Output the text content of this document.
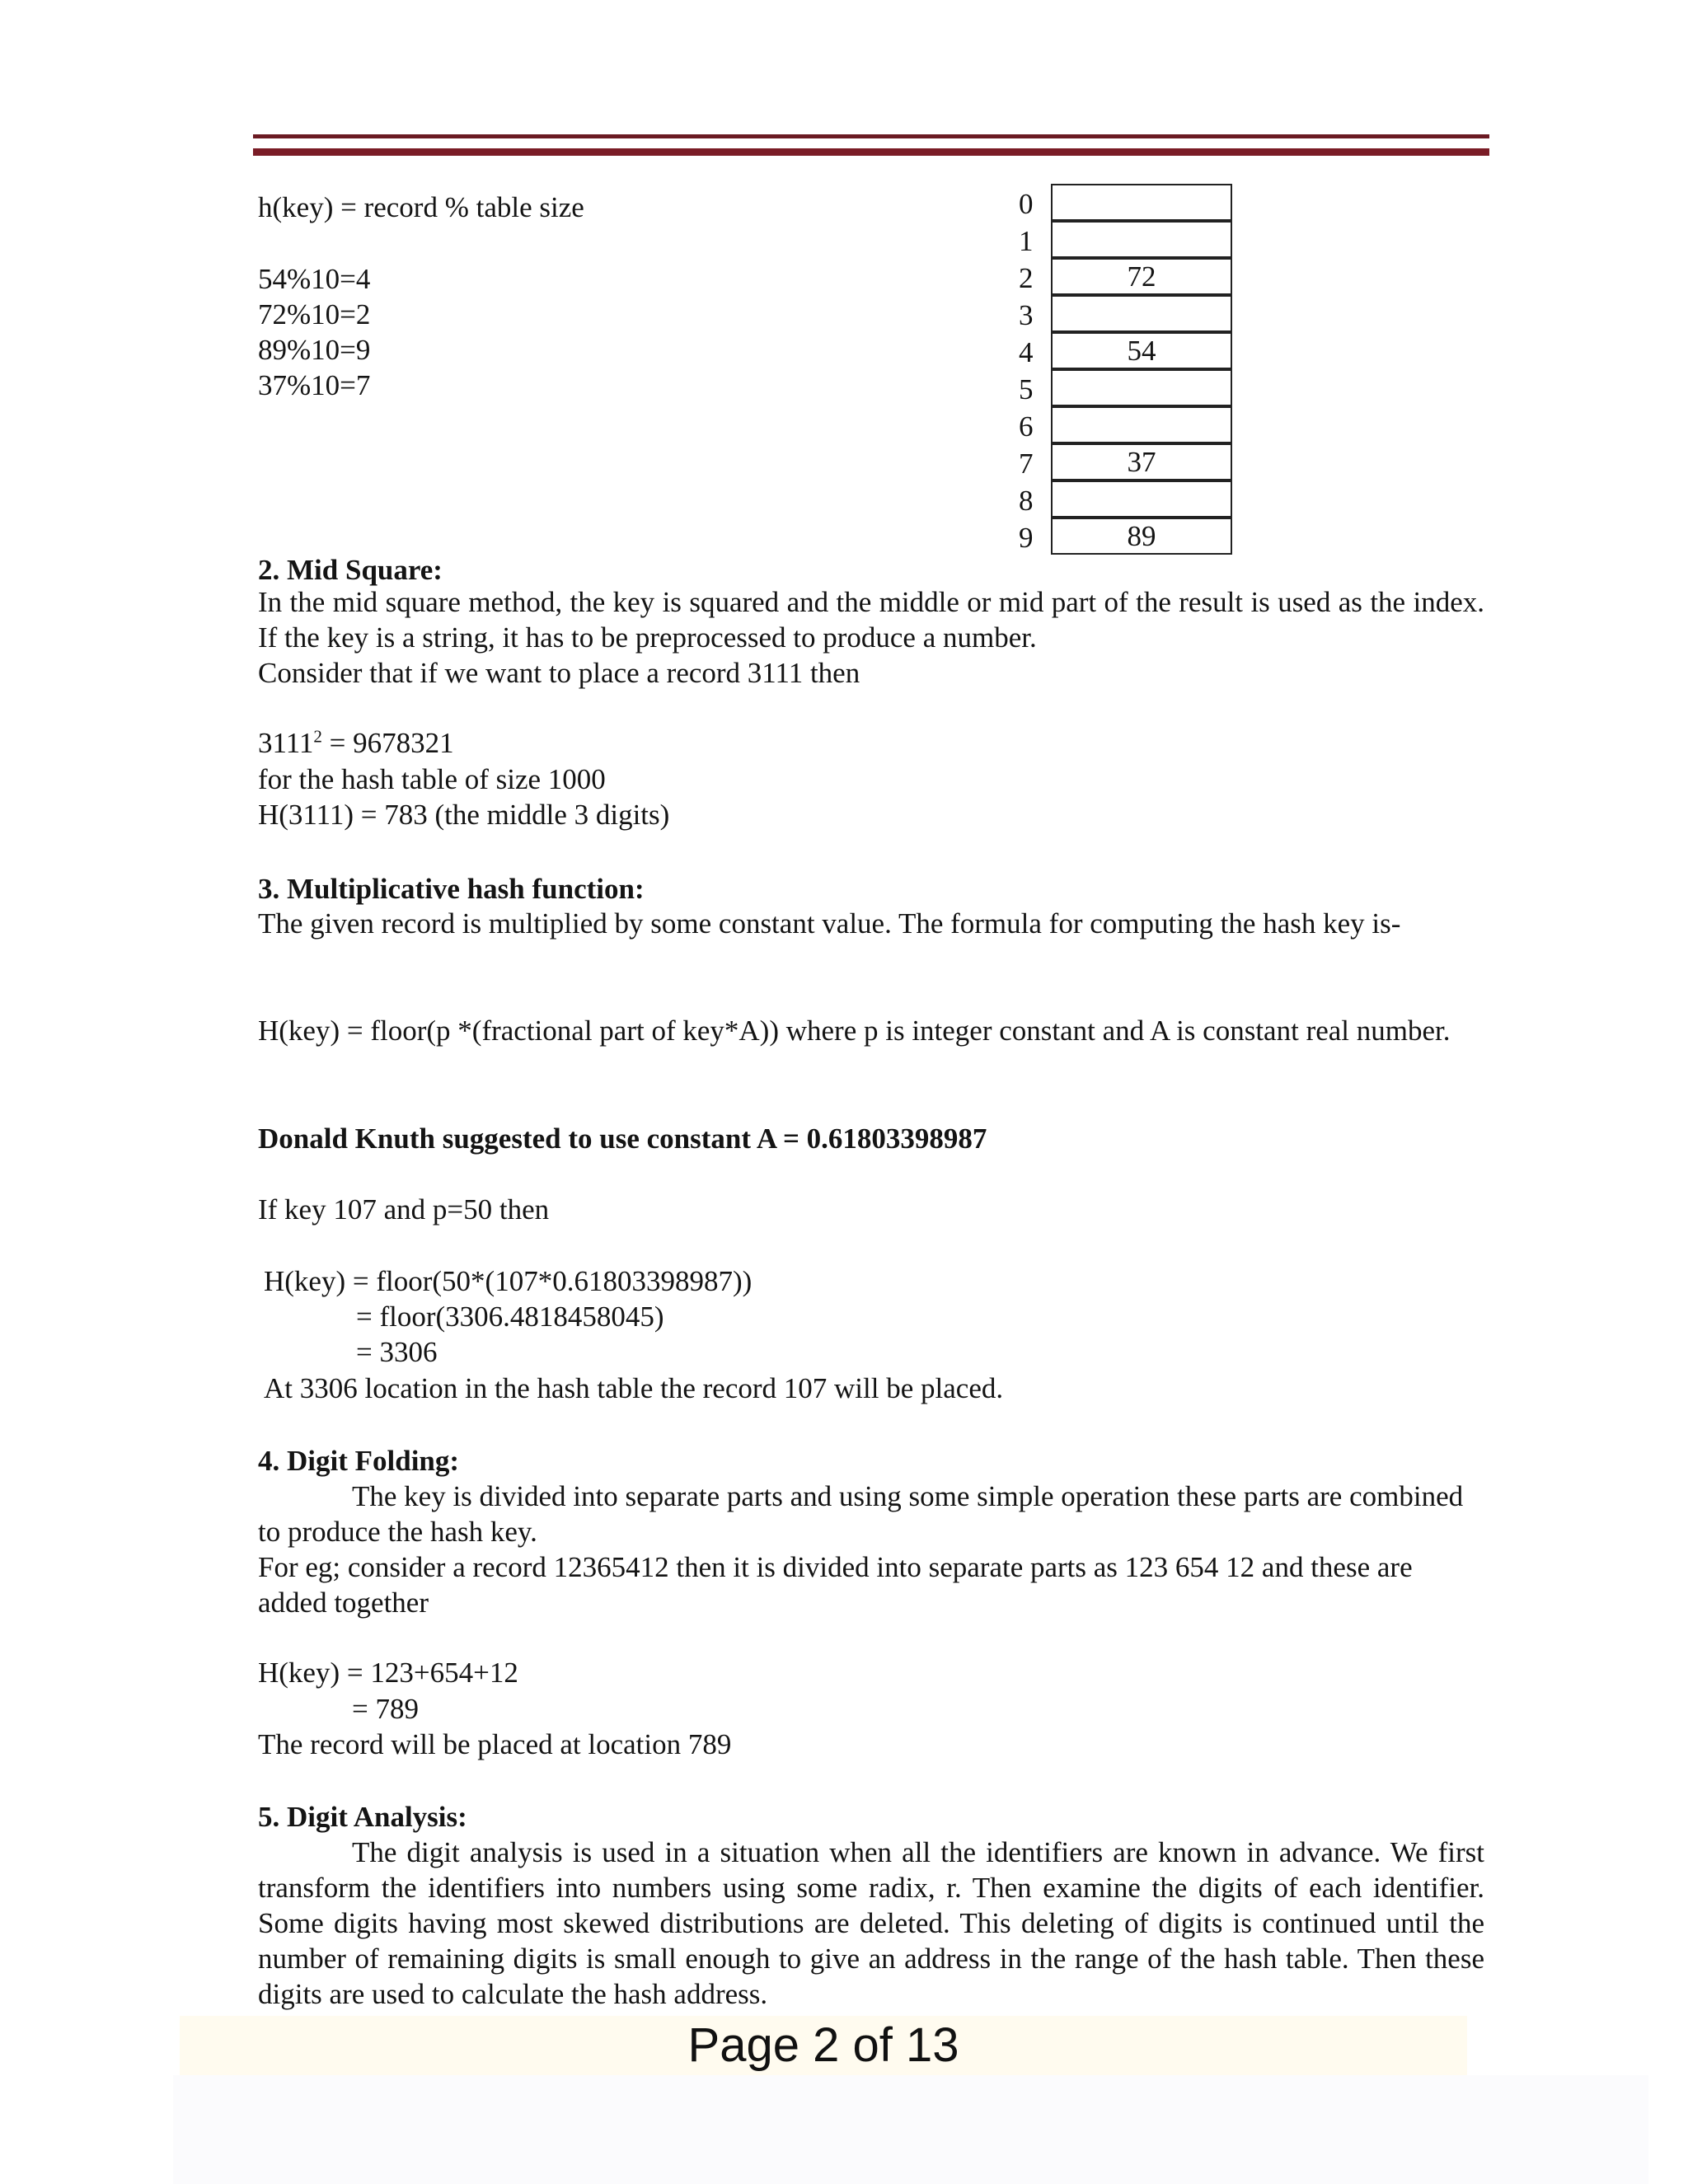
h(key) = record % table size

54%10=4

72%10=2

89%10=9

37%10=7

0
1
2
3
4
5
6
7
8
9
72
54
37
89

2. Mid Square:

In the mid square method, the key is squared and the middle or mid part of the result is used as the index. If the key is a string, it has to be preprocessed to produce a number.

Consider that if we want to place a record 3111 then

$3111^2 = 9678321$

for the hash table of size 1000

H(3111) = 783 (the middle 3 digits)

3. Multiplicative hash function:

The given record is multiplied by some constant value. The formula for computing the hash key is-

H(key) = floor(p *(fractional part of key*A)) where p is integer constant and A is constant real number.

Donald Knuth suggested to use constant A = 0.61803398987

If key 107 and p=50 then

H(key) = floor(50*(107*0.61803398987))

= floor(3306.4818458045)

= 3306

At 3306 location in the hash table the record 107 will be placed.

4. Digit Folding:

The key is divided into separate parts and using some simple operation these parts are combined to produce the hash key.

For eg; consider a record 12365412 then it is divided into separate parts as 123 654 12 and these are added together

H(key) = 123+654+12

= 789

The record will be placed at location 789

5. Digit Analysis:

The digit analysis is used in a situation when all the identifiers are known in advance. We first transform the identifiers into numbers using some radix, r. Then examine the digits of each identifier. Some digits having most skewed distributions are deleted. This deleting of digits is continued until the number of remaining digits is small enough to give an address in the range of the hash table. Then these digits are used to calculate the hash address.

Page 2 of 13
